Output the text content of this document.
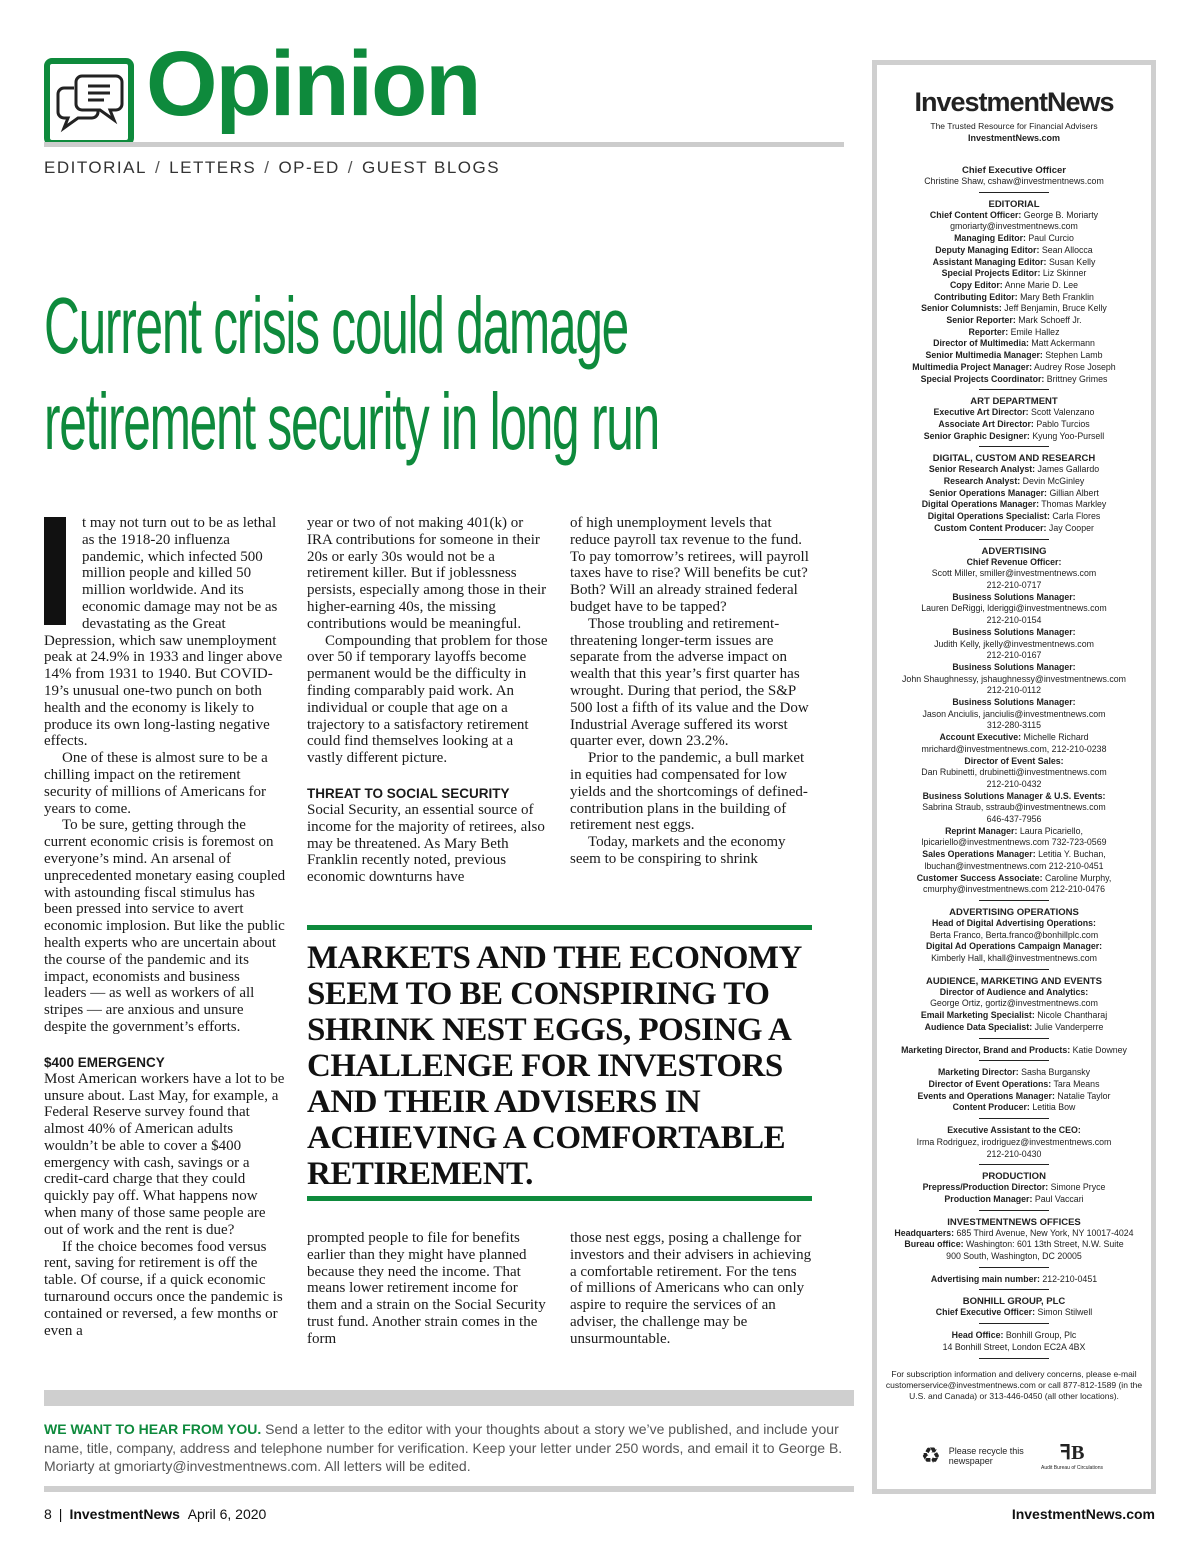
Opinion
EDITORIAL / LETTERS / OP-ED / GUEST BLOGS
Current crisis could damage
retirement security in long run

t may not turn out to be as lethal as the 1918-20 influenza pandemic, which infected 500 million people and killed 50 million worldwide. And its economic damage may not be as devastating as the Great Depression, which saw unemployment peak at 24.9% in 1933 and linger above 14% from 1931 to 1940. But COVID-19’s unusual one-two punch on both health and the economy is likely to produce its own long-lasting negative effects.

One of these is almost sure to be a chilling impact on the retirement security of millions of Americans for years to come.

To be sure, getting through the current economic crisis is foremost on everyone’s mind. An arsenal of unprecedented monetary easing coupled with astounding fiscal stimulus has been pressed into service to avert economic implosion. But like the public health experts who are uncertain about the course of the pandemic and its impact, economists and business leaders — as well as workers of all stripes — are anxious and unsure despite the government’s efforts.

$400 EMERGENCY

Most American workers have a lot to be unsure about. Last May, for example, a Federal Reserve survey found that almost 40% of American adults wouldn’t be able to cover a $400 emergency with cash, savings or a credit-card charge that they could quickly pay off. What happens now when many of those same people are out of work and the rent is due?

If the choice becomes food versus rent, saving for retirement is off the table. Of course, if a quick economic turnaround occurs once the pandemic is contained or reversed, a few months or even a

year or two of not making 401(k) or IRA contributions for someone in their 20s or early 30s would not be a retirement killer. But if joblessness persists, especially among those in their higher-earning 40s, the missing contributions would be meaningful.

Compounding that problem for those over 50 if temporary layoffs become permanent would be the difficulty in finding comparably paid work. An individual or couple that age on a trajectory to a satisfactory retirement could find themselves looking at a vastly different picture.

THREAT TO SOCIAL SECURITY

Social Security, an essential source of income for the majority of retirees, also may be threatened. As Mary Beth Franklin recently noted, previous economic downturns have

of high unemployment levels that reduce payroll tax revenue to the fund. To pay tomorrow’s retirees, will payroll taxes have to rise? Will benefits be cut? Both? Will an already strained federal budget have to be tapped?

Those troubling and retirement-threatening longer-term issues are separate from the adverse impact on wealth that this year’s first quarter has wrought. During that period, the S&P 500 lost a fifth of its value and the Dow Industrial Average suffered its worst quarter ever, down 23.2%.

Prior to the pandemic, a bull market in equities had compensated for low yields and the shortcomings of defined-contribution plans in the building of retirement nest eggs.

Today, markets and the economy seem to be conspiring to shrink

MARKETS AND THE ECONOMY SEEM TO BE CONSPIRING TO SHRINK NEST EGGS, POSING A CHALLENGE FOR INVESTORS AND THEIR ADVISERS IN ACHIEVING A COMFORTABLE RETIREMENT.

prompted people to file for benefits earlier than they might have planned because they need the income. That means lower retirement income for them and a strain on the Social Security trust fund. Another strain comes in the form

those nest eggs, posing a challenge for investors and their advisers in achieving a comfortable retirement. For the tens of millions of Americans who can only aspire to require the services of an adviser, the challenge may be unsurmountable.

InvestmentNews
The Trusted Resource for Financial Advisers
InvestmentNews.com
Chief Executive Officer
Christine Shaw, cshaw@investmentnews.com
EDITORIAL
Chief Content Officer: George B. Moriarty
gmoriarty@investmentnews.com
Managing Editor: Paul Curcio
Deputy Managing Editor: Sean Allocca
Assistant Managing Editor: Susan Kelly
Special Projects Editor: Liz Skinner
Copy Editor: Anne Marie D. Lee
Contributing Editor: Mary Beth Franklin
Senior Columnists: Jeff Benjamin, Bruce Kelly
Senior Reporter: Mark Schoeff Jr.
Reporter: Emile Hallez
Director of Multimedia: Matt Ackermann
Senior Multimedia Manager: Stephen Lamb
Multimedia Project Manager: Audrey Rose Joseph
Special Projects Coordinator: Brittney Grimes
ART DEPARTMENT
Executive Art Director: Scott Valenzano
Associate Art Director: Pablo Turcios
Senior Graphic Designer: Kyung Yoo-Pursell
DIGITAL, CUSTOM AND RESEARCH
Senior Research Analyst: James Gallardo
Research Analyst: Devin McGinley
Senior Operations Manager: Gillian Albert
Digital Operations Manager: Thomas Markley
Digital Operations Specialist: Carla Flores
Custom Content Producer: Jay Cooper
ADVERTISING
Chief Revenue Officer:
Scott Miller, smiller@investmentnews.com
212-210-0717
Business Solutions Manager:
Lauren DeRiggi, lderiggi@investmentnews.com
212-210-0154
Business Solutions Manager:
Judith Kelly, jkelly@investmentnews.com
212-210-0167
Business Solutions Manager:
John Shaughnessy, jshaughnessy@investmentnews.com
212-210-0112
Business Solutions Manager:
Jason Anciulis, janciulis@investmentnews.com
312-280-3115
Account Executive: Michelle Richard
mrichard@investmentnews.com, 212-210-0238
Director of Event Sales:
Dan Rubinetti, drubinetti@investmentnews.com
212-210-0432
Business Solutions Manager & U.S. Events:
Sabrina Straub, sstraub@investmentnews.com
646-437-7956
Reprint Manager: Laura Picariello,
lpicariello@investmentnews.com 732-723-0569
Sales Operations Manager: Letitia Y. Buchan,
lbuchan@investmentnews.com 212-210-0451
Customer Success Associate: Caroline Murphy,
cmurphy@investmentnews.com 212-210-0476
ADVERTISING OPERATIONS
Head of Digital Advertising Operations:
Berta Franco, Berta.franco@bonhillplc.com
Digital Ad Operations Campaign Manager:
Kimberly Hall, khall@investmentnews.com
AUDIENCE, MARKETING AND EVENTS
Director of Audience and Analytics:
George Ortiz, gortiz@investmentnews.com
Email Marketing Specialist: Nicole Chantharaj
Audience Data Specialist: Julie Vanderperre
Marketing Director, Brand and Products: Katie Downey
Marketing Director: Sasha Burgansky
Director of Event Operations: Tara Means
Events and Operations Manager: Natalie Taylor
Content Producer: Letitia Bow
Executive Assistant to the CEO:
Irma Rodriguez, irodriguez@investmentnews.com
212-210-0430
PRODUCTION
Prepress/Production Director: Simone Pryce
Production Manager: Paul Vaccari
INVESTMENTNEWS OFFICES
Headquarters: 685 Third Avenue, New York, NY 10017-4024
Bureau office: Washington: 601 13th Street, N.W. Suite
900 South, Washington, DC 20005
Advertising main number: 212-210-0451
BONHILL GROUP, PLC
Chief Executive Officer: Simon Stilwell
Head Office: Bonhill Group, Plc
14 Bonhill Street, London EC2A 4BX
For subscription information and delivery concerns, please e-mail customerservice@investmentnews.com or call 877-812-1589 (in the U.S. and Canada) or 313-446-0450 (all other locations).
♻ Please recycle this newspaper	ꟻB
Audit Bureau of Circulations
WE WANT TO HEAR FROM YOU. Send a letter to the editor with your thoughts about a story we’ve published, and include your name, title, company, address and telephone number for verification. Keep your letter under 250 words, and email it to George B. Moriarty at gmoriarty@investmentnews.com. All letters will be edited.
8 | InvestmentNews April 6, 2020	InvestmentNews.com
